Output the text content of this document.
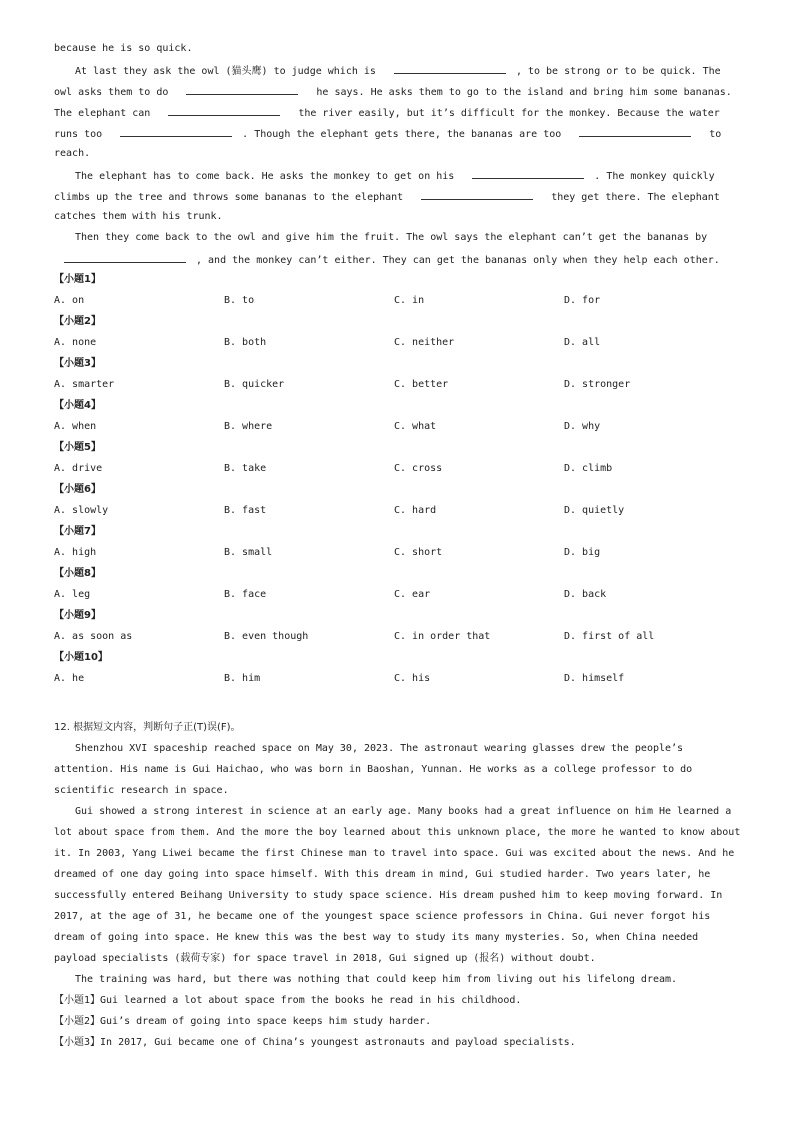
because he is so quick.
At last they ask the owl (猫头鹰) to judge which is	, to be strong or to be quick. The
owl asks them to do	he says. He asks them to go to the island and bring him some bananas.
The elephant can	the river easily, but it’s difficult for the monkey. Because the water
runs too	. Though the elephant gets there, the bananas are too	to
reach.
The elephant has to come back. He asks the monkey to get on his	. The monkey quickly
climbs up the tree and throws some bananas to the elephant	they get there. The elephant
catches them with his trunk.
Then they come back to the owl and give him the fruit. The owl says the elephant can’t get the bananas by
, and the monkey can’t either. They can get the bananas only when they help each other.
【小题1】
A. on	B. to	C. in	D. for
【小题2】
A. none	B. both	C. neither	D. all
【小题3】
A. smarter	B. quicker	C. better	D. stronger
【小题4】
A. when	B. where	C. what	D. why
【小题5】
A. drive	B. take	C. cross	D. climb
【小题6】
A. slowly	B. fast	C. hard	D. quietly
【小题7】
A. high	B. small	C. short	D. big
【小题8】
A. leg	B. face	C. ear	D. back
【小题9】
A. as soon as	B. even though	C. in order that	D. first of all
【小题10】
A. he	B. him	C. his	D. himself
12. 根据短文内容，判断句子正(T)误(F)。
Shenzhou XVI spaceship reached space on May 30, 2023. The astronaut wearing glasses drew the people’s
attention. His name is Gui Haichao, who was born in Baoshan, Yunnan. He works as a college professor to do
scientific research in space.
Gui showed a strong interest in science at an early age. Many books had a great influence on him He learned a
lot about space from them. And the more the boy learned about this unknown place, the more he wanted to know about
it. In 2003, Yang Liwei became the first Chinese man to travel into space. Gui was excited about the news. And he
dreamed of one day going into space himself. With this dream in mind, Gui studied harder. Two years later, he
successfully entered Beihang University to study space science. His dream pushed him to keep moving forward. In
2017, at the age of 31, he became one of the youngest space science professors in China. Gui never forgot his
dream of going into space. He knew this was the best way to study its many mysteries. So, when China needed
payload specialists (载荷专家) for space travel in 2018, Gui signed up (报名) without doubt.
The training was hard, but there was nothing that could keep him from living out his lifelong dream.
【小题1】Gui learned a lot about space from the books he read in his childhood.
【小题2】Gui’s dream of going into space keeps him study harder.
【小题3】In 2017, Gui became one of China’s youngest astronauts and payload specialists.
